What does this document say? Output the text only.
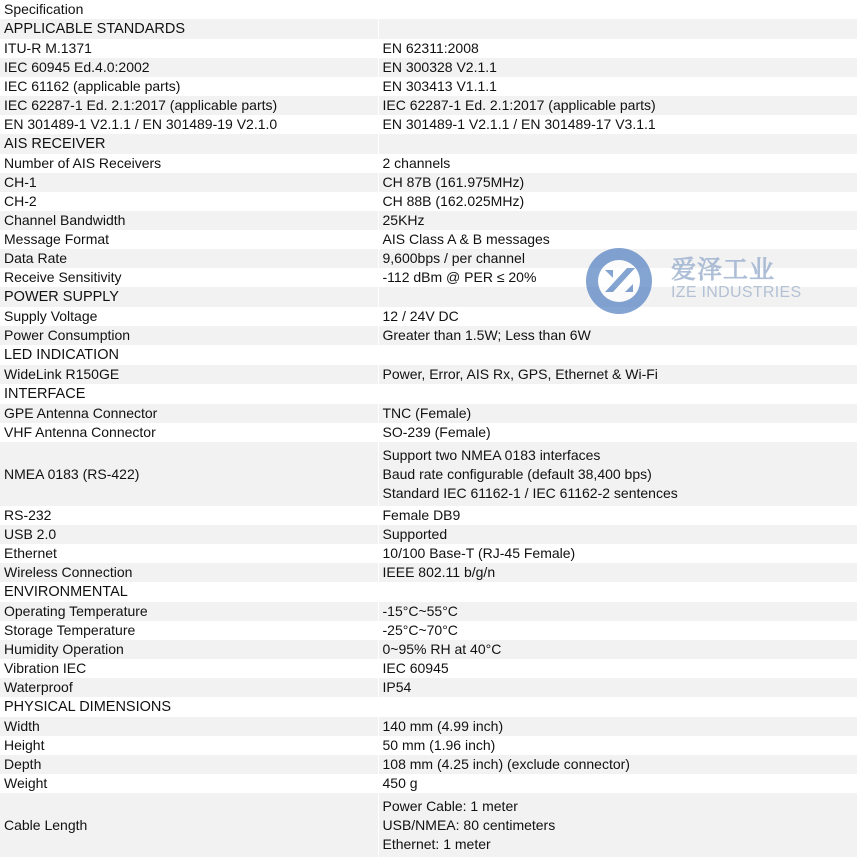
Specification	
APPLICABLE STANDARDS	
ITU-R M.1371	EN 62311:2008
IEC 60945 Ed.4.0:2002	EN 300328 V2.1.1
IEC 61162 (applicable parts)	EN 303413 V1.1.1
IEC 62287-1 Ed. 2.1:2017 (applicable parts)	IEC 62287-1 Ed. 2.1:2017 (applicable parts)
EN 301489-1 V2.1.1 / EN 301489-19 V2.1.0	EN 301489-1 V2.1.1 / EN 301489-17 V3.1.1
AIS RECEIVER	
Number of AIS Receivers	2 channels
CH-1	CH 87B (161.975MHz)
CH-2	CH 88B (162.025MHz)
Channel Bandwidth	25KHz
Message Format	AIS Class A & B messages
Data Rate	9,600bps / per channel
Receive Sensitivity	-112 dBm @ PER ≤ 20%
POWER SUPPLY	
Supply Voltage	12 / 24V DC
Power Consumption	Greater than 1.5W; Less than 6W
LED INDICATION	
WideLink R150GE	Power, Error, AIS Rx, GPS, Ethernet & Wi-Fi
INTERFACE	
GPE Antenna Connector	TNC (Female)
VHF Antenna Connector	SO-239 (Female)
NMEA 0183 (RS-422)	Support two NMEA 0183 interfaces
Baud rate configurable (default 38,400 bps)
Standard IEC 61162-1 / IEC 61162-2 sentences

RS-232	Female DB9
USB 2.0	Supported
Ethernet	10/100 Base-T (RJ-45 Female)
Wireless Connection	IEEE 802.11 b/g/n
ENVIRONMENTAL	
Operating Temperature	-15°C~55°C
Storage Temperature	-25°C~70°C
Humidity Operation	0~95% RH at 40°C
Vibration IEC	IEC 60945
Waterproof	IP54
PHYSICAL DIMENSIONS	
Width	140 mm (4.99 inch)
Height	50 mm (1.96 inch)
Depth	108 mm (4.25 inch) (exclude connector)
Weight	450 g
Cable Length	Power Cable: 1 meter
USB/NMEA: 80 centimeters
Ethernet: 1 meter
爱泽工业
IZE INDUSTRIES
